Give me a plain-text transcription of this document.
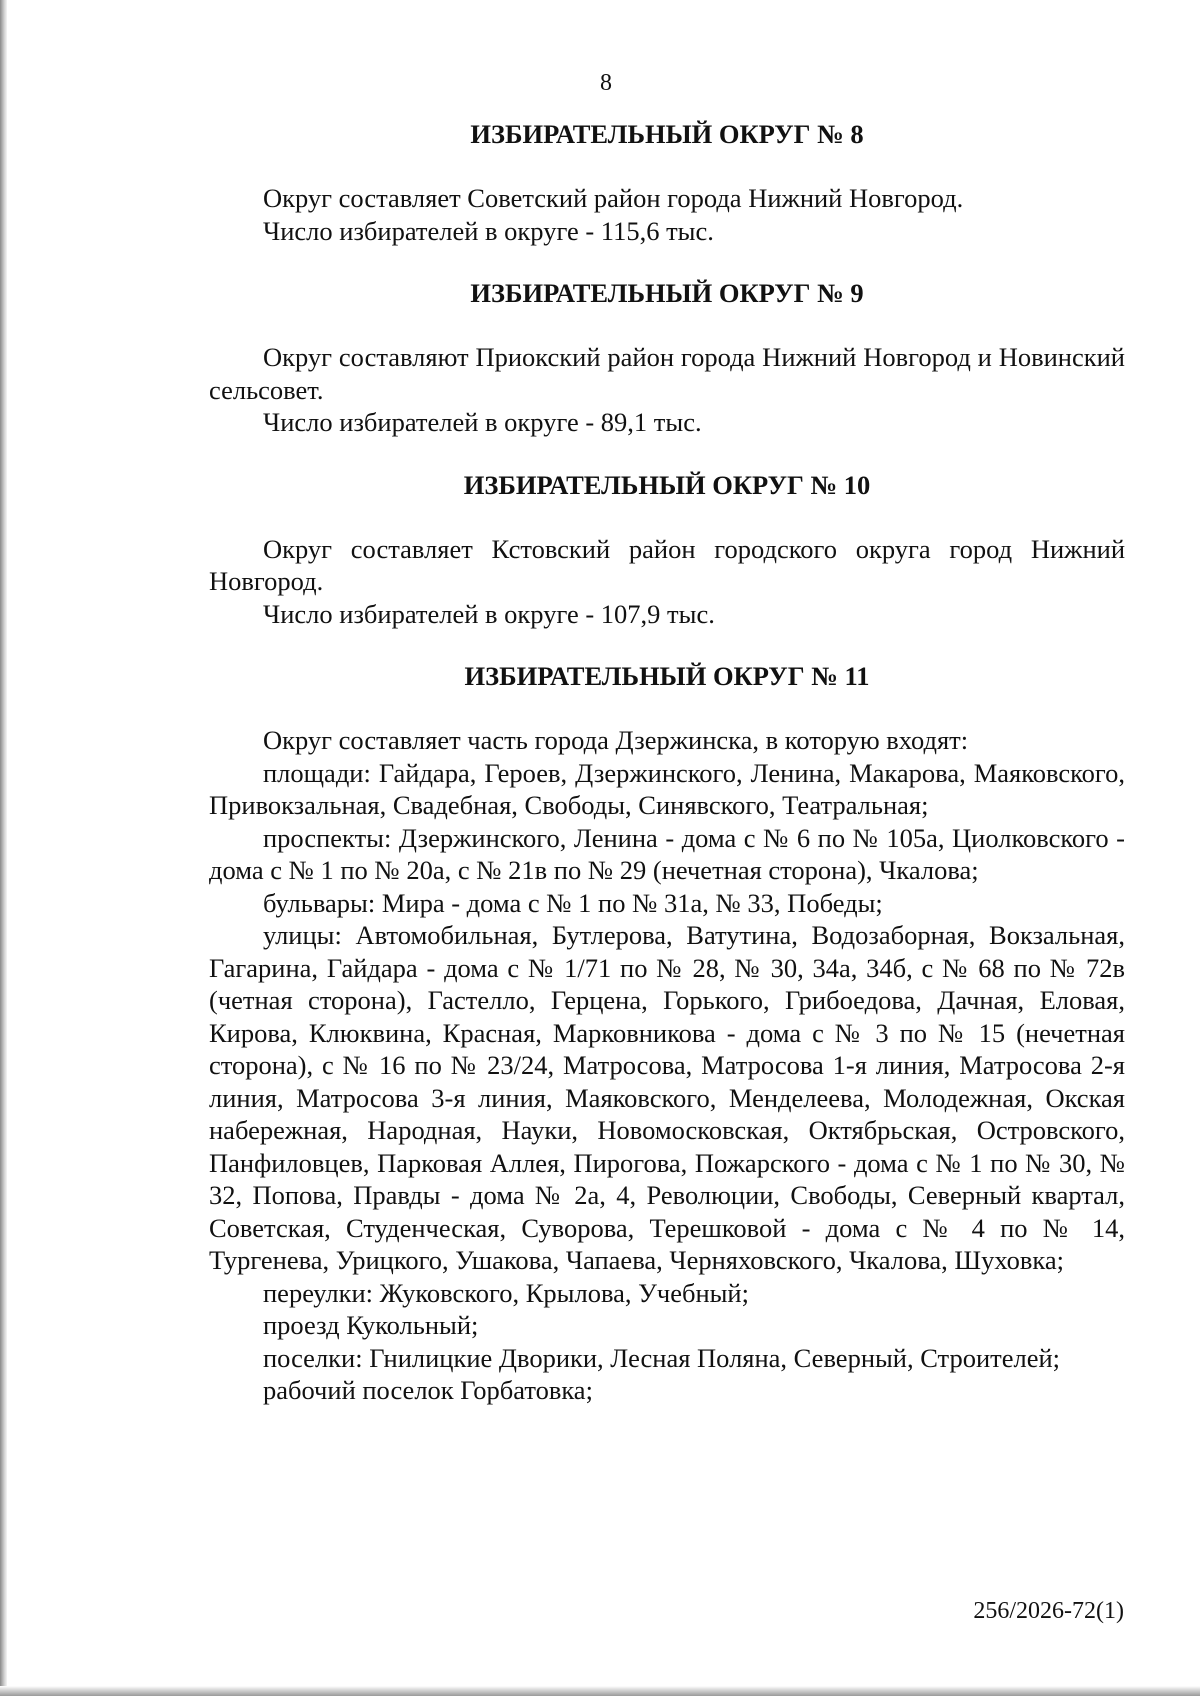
8

ИЗБИРАТЕЛЬНЫЙ ОКРУГ № 8

Округ составляет Советский район города Нижний Новгород.

Число избирателей в округе - 115,6 тыс.

ИЗБИРАТЕЛЬНЫЙ ОКРУГ № 9

Округ составляют Приокский район города Нижний Новгород и Новинский сельсовет.

Число избирателей в округе - 89,1 тыс.

ИЗБИРАТЕЛЬНЫЙ ОКРУГ № 10

Округ составляет Кстовский район городского округа город Нижний Новгород.

Число избирателей в округе - 107,9 тыс.

ИЗБИРАТЕЛЬНЫЙ ОКРУГ № 11

Округ составляет часть города Дзержинска, в которую входят:

площади: Гайдара, Героев, Дзержинского, Ленина, Макарова, Маяковского, Привокзальная, Свадебная, Свободы, Синявского, Театральная;

проспекты: Дзержинского, Ленина - дома с № 6 по № 105а, Циолковского - дома с № 1 по № 20а, с № 21в по № 29 (нечетная сторона), Чкалова;

бульвары: Мира - дома с № 1 по № 31а, № 33, Победы;

улицы: Автомобильная, Бутлерова, Ватутина, Водозаборная, Вокзальная, Гагарина, Гайдара - дома с № 1/71 по № 28, № 30, 34а, 34б, с № 68 по № 72в (четная сторона), Гастелло, Герцена, Горького, Грибоедова, Дачная, Еловая, Кирова, Клюквина, Красная, Марковникова - дома с № 3 по № 15 (нечетная сторона), с № 16 по № 23/24, Матросова, Матросова 1-я линия, Матросова 2-я линия, Матросова 3-я линия, Маяковского, Менделеева, Молодежная, Окская набережная, Народная, Науки, Новомосковская, Октябрьская, Островского, Панфиловцев, Парковая Аллея, Пирогова, Пожарского - дома с № 1 по № 30, № 32, Попова, Правды - дома № 2а, 4, Революции, Свободы, Северный квартал, Советская, Студенческая, Суворова, Терешковой - дома с № 4 по № 14, Тургенева, Урицкого, Ушакова, Чапаева, Черняховского, Чкалова, Шуховка;

переулки: Жуковского, Крылова, Учебный;

проезд Кукольный;

поселки: Гнилицкие Дворики, Лесная Поляна, Северный, Строителей;

рабочий поселок Горбатовка;

256/2026-72(1)
